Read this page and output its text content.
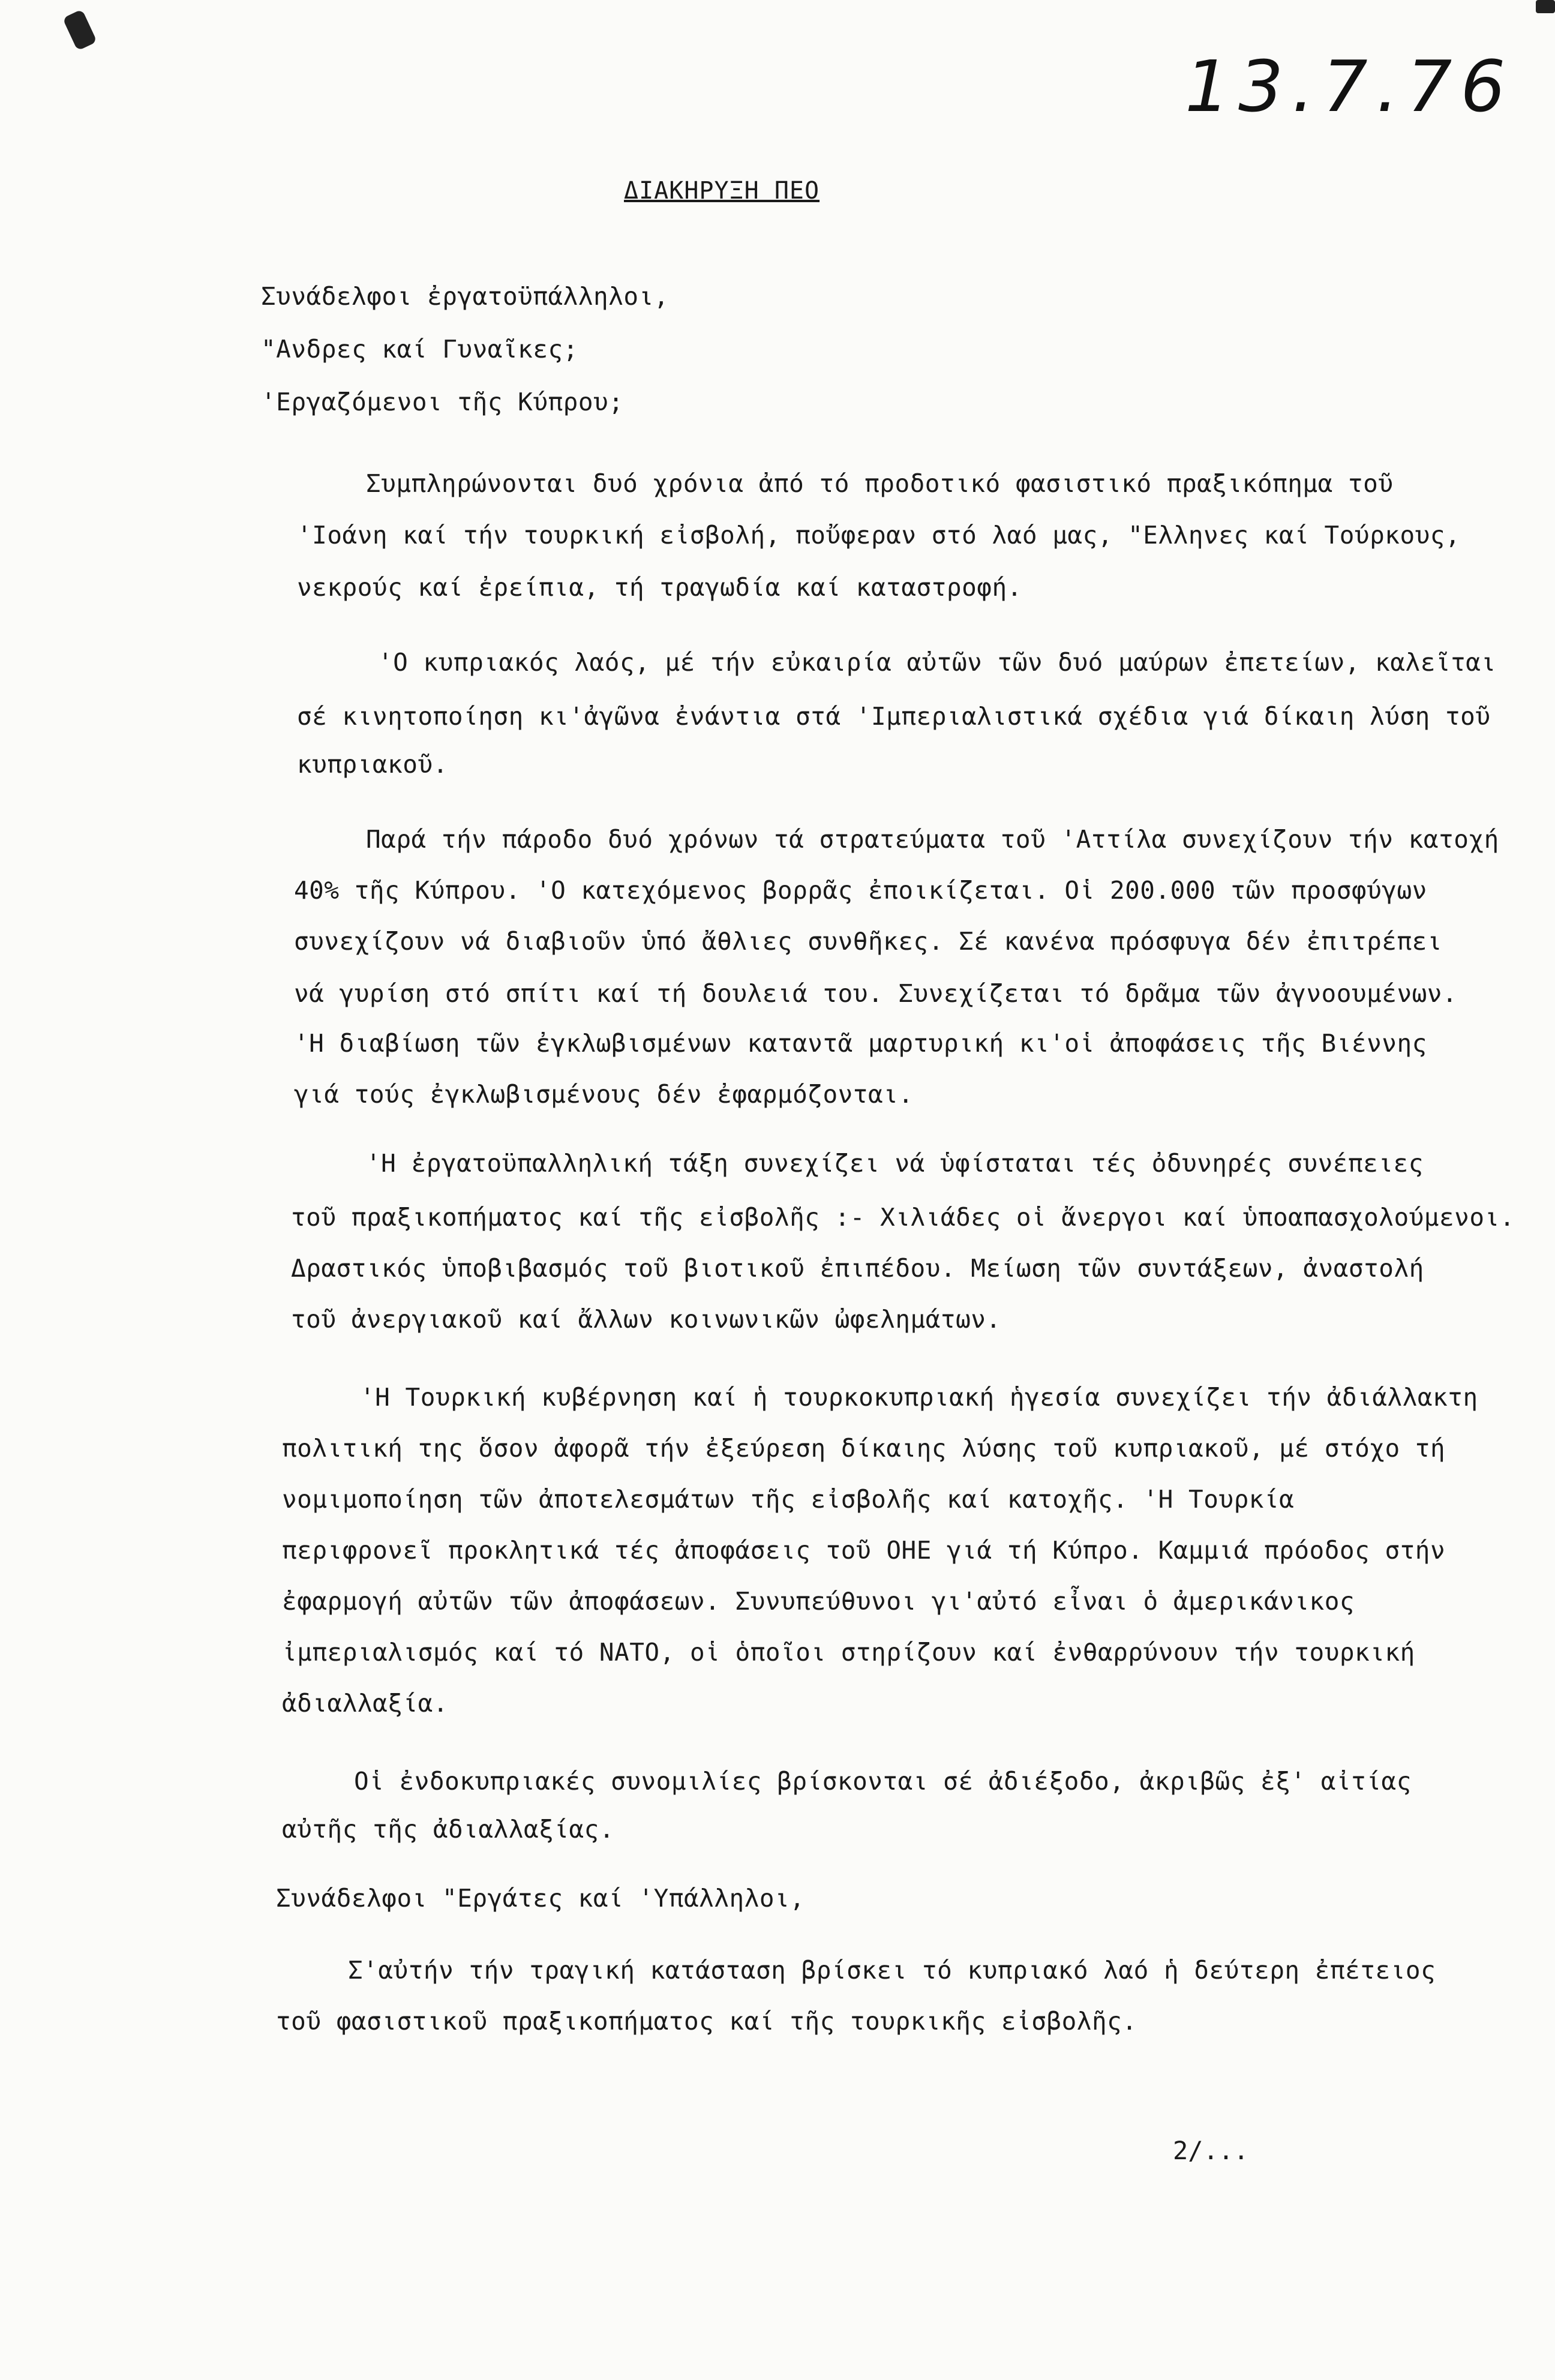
13.7.76
ΔΙΑΚΗΡΥΞΗ ΠΕΟ
Συνάδελφοι ἐργατοϋπάλληλοι,
"Ανδρες καί Γυναῖκες;
'Εργαζόμενοι τῆς Κύπρου;
Συμπληρώνονται δυό χρόνια ἀπό τό προδοτικό φασιστικό πραξικόπημα τοῦ
'Ιοάνη καί τήν τουρκική εἰσβολή, ποὔφεραν στό λαό μας, "Ελληνες καί Τούρκους,
νεκρούς καί ἐρείπια, τή τραγωδία καί καταστροφή.
'Ο κυπριακός λαός, μέ τήν εὐκαιρία αὐτῶν τῶν δυό μαύρων ἐπετείων, καλεῖται
σέ κινητοποίηση κι'ἀγῶνα ἐνάντια στά 'Ιμπεριαλιστικά σχέδια γιά δίκαιη λύση τοῦ
κυπριακοῦ.
Παρά τήν πάροδο δυό χρόνων τά στρατεύματα τοῦ 'Αττίλα συνεχίζουν τήν κατοχή
40% τῆς Κύπρου. 'Ο κατεχόμενος βορρᾶς ἐποικίζεται. Οἱ 200.000 τῶν προσφύγων
συνεχίζουν νά διαβιοῦν ὑπό ἄθλιες συνθῆκες. Σέ κανένα πρόσφυγα δέν ἐπιτρέπει
νά γυρίση στό σπίτι καί τή δουλειά του. Συνεχίζεται τό δρᾶμα τῶν ἀγνοουμένων.
'Η διαβίωση τῶν ἐγκλωβισμένων καταντᾶ μαρτυρική κι'οἱ ἀποφάσεις τῆς Βιέννης
γιά τούς ἐγκλωβισμένους δέν ἐφαρμόζονται.
'Η ἐργατοϋπαλληλική τάξη συνεχίζει νά ὑφίσταται τές ὀδυνηρές συνέπειες
τοῦ πραξικοπήματος καί τῆς εἰσβολῆς :- Χιλιάδες οἱ ἄνεργοι καί ὑποαπασχολούμενοι.
Δραστικός ὑποβιβασμός τοῦ βιοτικοῦ ἐπιπέδου. Μείωση τῶν συντάξεων, ἀναστολή
τοῦ ἀνεργιακοῦ καί ἄλλων κοινωνικῶν ὠφελημάτων.
'Η Τουρκική κυβέρνηση καί ἡ τουρκοκυπριακή ἡγεσία συνεχίζει τήν ἀδιάλλακτη
πολιτική της ὅσον ἀφορᾶ τήν ἐξεύρεση δίκαιης λύσης τοῦ κυπριακοῦ, μέ στόχο τή
νομιμοποίηση τῶν ἀποτελεσμάτων τῆς εἰσβολῆς καί κατοχῆς. 'Η Τουρκία
περιφρονεῖ προκλητικά τές ἀποφάσεις τοῦ ΟΗΕ γιά τή Κύπρο. Καμμιά πρόοδος στήν
ἐφαρμογή αὐτῶν τῶν ἀποφάσεων. Συνυπεύθυνοι γι'αὐτό εἶναι ὁ ἀμερικάνικος
ἰμπεριαλισμός καί τό ΝΑΤΟ, οἱ ὁποῖοι στηρίζουν καί ἐνθαρρύνουν τήν τουρκική
ἀδιαλλαξία.
Οἱ ἐνδοκυπριακές συνομιλίες βρίσκονται σέ ἀδιέξοδο, ἀκριβῶς ἐξ' αἰτίας
αὐτῆς τῆς ἀδιαλλαξίας.
Συνάδελφοι "Εργάτες καί 'Υπάλληλοι,
Σ'αὐτήν τήν τραγική κατάσταση βρίσκει τό κυπριακό λαό ἡ δεύτερη ἐπέτειος
τοῦ φασιστικοῦ πραξικοπήματος καί τῆς τουρκικῆς εἰσβολῆς.
2/...
